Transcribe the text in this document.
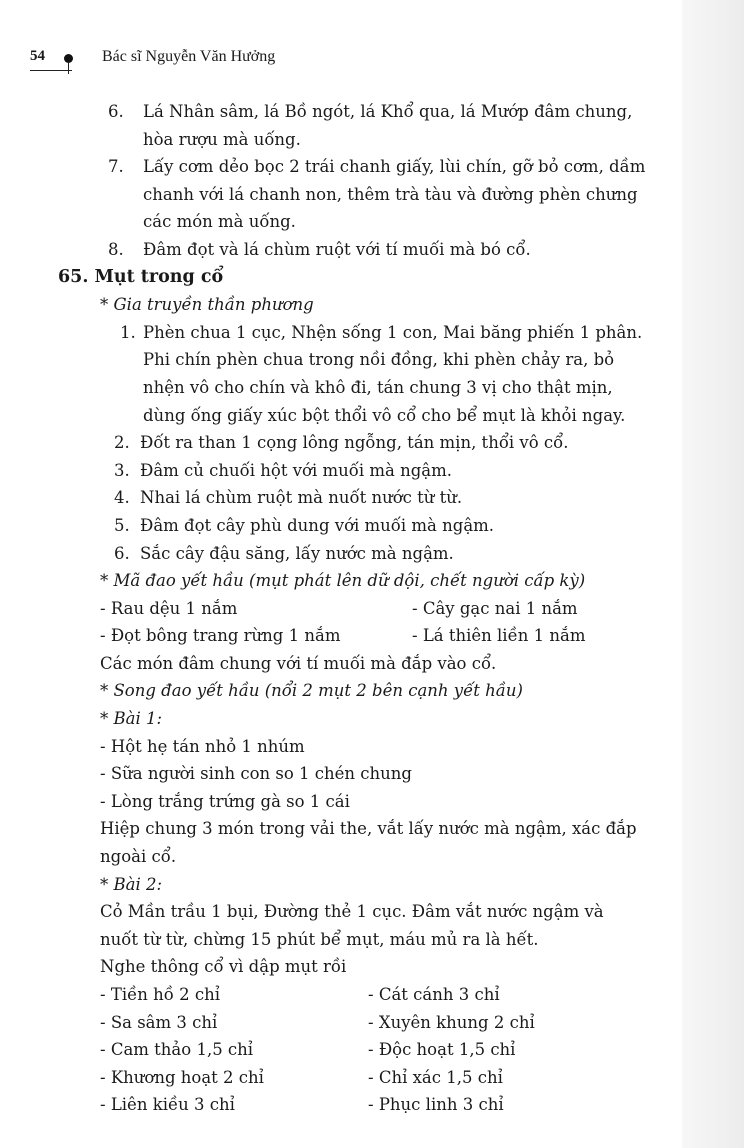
54	Bác sĩ Nguyễn Văn Hưởng
6. Lá Nhân sâm, lá Bồ ngót, lá Khổ qua, lá Mướp đâm chung,
hòa rượu mà uống.
7. Lấy cơm dẻo bọc 2 trái chanh giấy, lùi chín, gỡ bỏ cơm, dầm
chanh với lá chanh non, thêm trà tàu và đường phèn chưng
các món mà uống.
8. Đâm đọt và lá chùm ruột với tí muối mà bó cổ.
65. Mụt trong cổ
* Gia truyền thần phương
1. Phèn chua 1 cục, Nhện sống 1 con, Mai băng phiến 1 phân.
Phi chín phèn chua trong nồi đồng, khi phèn chảy ra, bỏ
nhện vô cho chín và khô đi, tán chung 3 vị cho thật mịn,
dùng ống giấy xúc bột thổi vô cổ cho bể mụt là khỏi ngay.
2. Đốt ra than 1 cọng lông ngỗng, tán mịn, thổi vô cổ.
3. Đâm củ chuối hột với muối mà ngậm.
4. Nhai lá chùm ruột mà nuốt nước từ từ.
5. Đâm đọt cây phù dung với muối mà ngậm.
6. Sắc cây đậu săng, lấy nước mà ngậm.
* Mã đao yết hầu (mụt phát lên dữ dội, chết người cấp kỳ)
- Rau dệu 1 nắm	- Cây gạc nai 1 nắm
- Đọt bông trang rừng 1 nắm	- Lá thiên liền 1 nắm
Các món đâm chung với tí muối mà đắp vào cổ.
* Song đao yết hầu (nổi 2 mụt 2 bên cạnh yết hầu)
* Bài 1:
- Hột hẹ tán nhỏ 1 nhúm
- Sữa người sinh con so 1 chén chung
- Lòng trắng trứng gà so 1 cái
Hiệp chung 3 món trong vải the, vắt lấy nước mà ngậm, xác đắp
ngoài cổ.
* Bài 2:
Cỏ Mần trầu 1 bụi, Đường thẻ 1 cục. Đâm vắt nước ngậm và
nuốt từ từ, chừng 15 phút bể mụt, máu mủ ra là hết.
Nghe thông cổ vì dập mụt rồi
- Tiền hồ 2 chỉ	- Cát cánh 3 chỉ
- Sa sâm 3 chỉ	- Xuyên khung 2 chỉ
- Cam thảo 1,5 chỉ	- Độc hoạt 1,5 chỉ
- Khương hoạt 2 chỉ	- Chỉ xác 1,5 chỉ
- Liên kiều 3 chỉ	- Phục linh 3 chỉ
